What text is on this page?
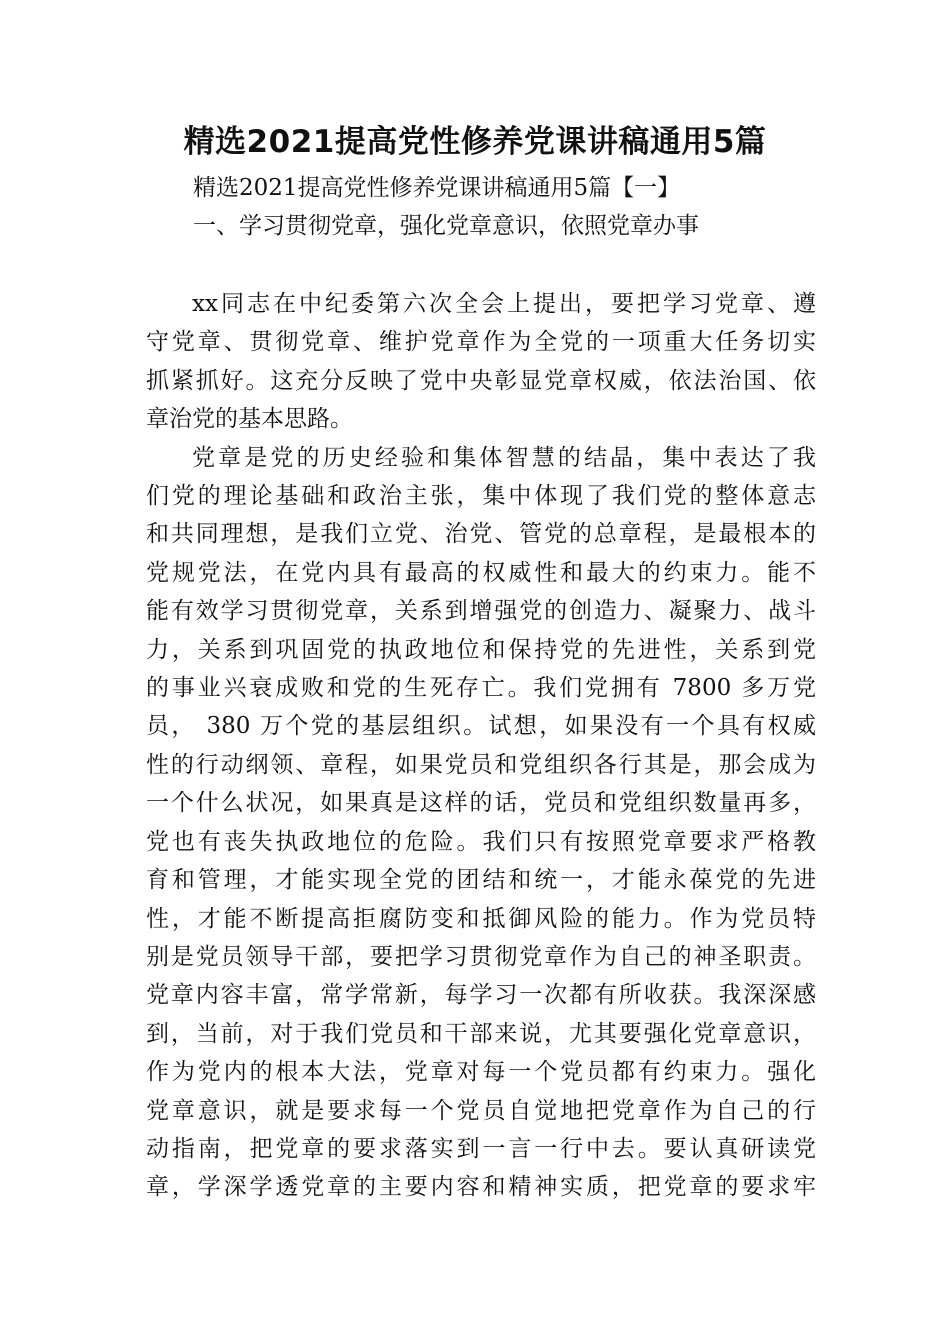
精选2021提高党性修养党课讲稿通用5篇

精选2021提高党性修养党课讲稿通用5篇【一】

一、学习贯彻党章，强化党章意识，依照党章办事

xx同志在中纪委第六次全会上提出，要把学习党章、遵
守党章、贯彻党章、维护党章作为全党的一项重大任务切实
抓紧抓好。这充分反映了党中央彰显党章权威，依法治国、依
章治党的基本思路。
党章是党的历史经验和集体智慧的结晶，集中表达了我
们党的理论基础和政治主张，集中体现了我们党的整体意志
和共同理想，是我们立党、治党、管党的总章程，是最根本的
党规党法，在党内具有最高的权威性和最大的约束力。能不
能有效学习贯彻党章，关系到增强党的创造力、凝聚力、战斗
力，关系到巩固党的执政地位和保持党的先进性，关系到党
的事业兴衰成败和党的生死存亡。我们党拥有 7800 多万党
员， 380 万个党的基层组织。试想，如果没有一个具有权威
性的行动纲领、章程，如果党员和党组织各行其是，那会成为
一个什么状况，如果真是这样的话，党员和党组织数量再多，
党也有丧失执政地位的危险。我们只有按照党章要求严格教
育和管理，才能实现全党的团结和统一，才能永葆党的先进
性，才能不断提高拒腐防变和抵御风险的能力。作为党员特
别是党员领导干部，要把学习贯彻党章作为自己的神圣职责。
党章内容丰富，常学常新，每学习一次都有所收获。我深深感
到，当前，对于我们党员和干部来说，尤其要强化党章意识，
作为党内的根本大法，党章对每一个党员都有约束力。强化
党章意识，就是要求每一个党员自觉地把党章作为自己的行
动指南，把党章的要求落实到一言一行中去。要认真研读党
章，学深学透党章的主要内容和精神实质，把党章的要求牢
